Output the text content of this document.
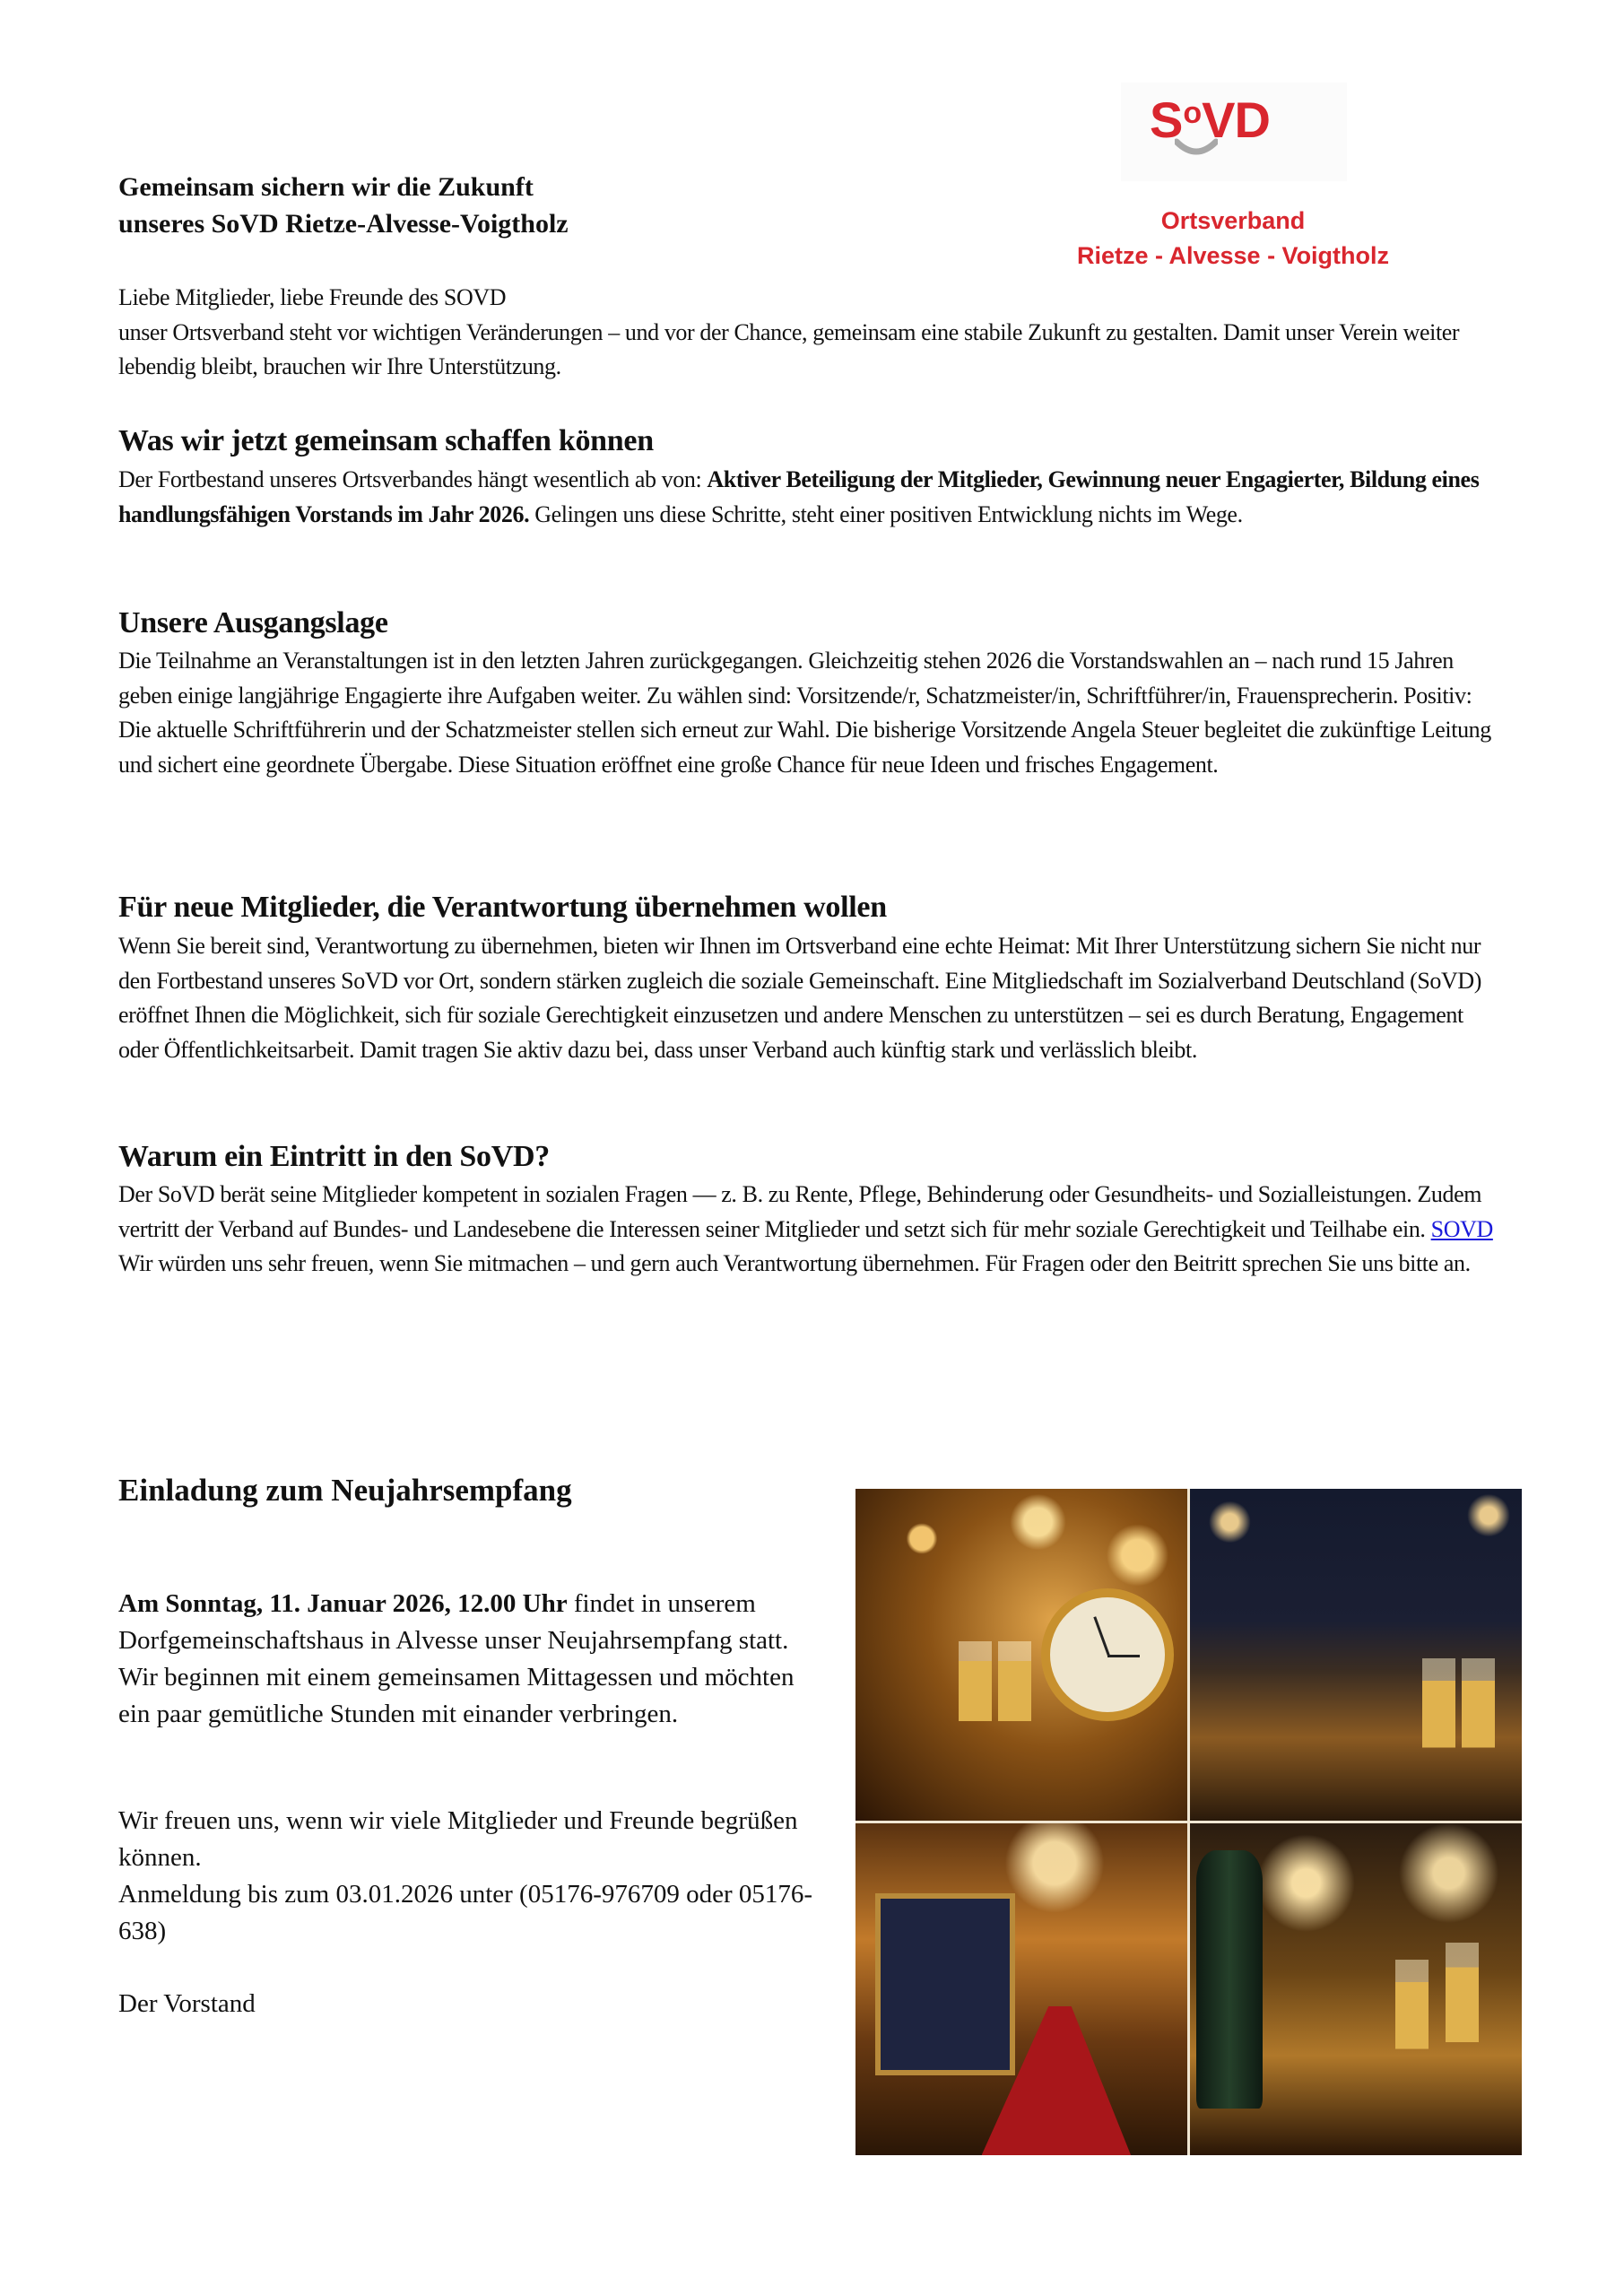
SoVD
Ortsverband
Rietze - Alvesse - Voigtholz
Gemeinsam sichern wir die Zukunft
unseres SoVD Rietze-Alvesse-Voigtholz
Liebe Mitglieder, liebe Freunde des SOVD
unser Ortsverband steht vor wichtigen Veränderungen – und vor der Chance, gemeinsam eine stabile Zukunft zu gestalten. Damit unser Verein weiter lebendig bleibt, brauchen wir Ihre Unterstützung.
Was wir jetzt gemeinsam schaffen können
Der Fortbestand unseres Ortsverbandes hängt wesentlich ab von: Aktiver Beteiligung der Mitglieder, Gewinnung neuer Engagierter, Bildung eines handlungsfähigen Vorstands im Jahr 2026. Gelingen uns diese Schritte, steht einer positiven Entwicklung nichts im Wege.
Unsere Ausgangslage
Die Teilnahme an Veranstaltungen ist in den letzten Jahren zurückgegangen. Gleichzeitig stehen 2026 die Vorstandswahlen an – nach rund 15 Jahren geben einige langjährige Engagierte ihre Aufgaben weiter. Zu wählen sind: Vorsitzende/r, Schatzmeister/in, Schriftführer/in, Frauensprecherin. Positiv: Die aktuelle Schriftführerin und der Schatzmeister stellen sich erneut zur Wahl. Die bisherige Vorsitzende Angela Steuer begleitet die zukünftige Leitung und sichert eine geordnete Übergabe. Diese Situation eröffnet eine große Chance für neue Ideen und frisches Engagement.
Für neue Mitglieder, die Verantwortung übernehmen wollen
Wenn Sie bereit sind, Verantwortung zu übernehmen, bieten wir Ihnen im Ortsverband eine echte Heimat: Mit Ihrer Unterstützung sichern Sie nicht nur den Fortbestand unseres SoVD vor Ort, sondern stärken zugleich die soziale Gemeinschaft. Eine Mitgliedschaft im Sozialverband Deutschland (SoVD) eröffnet Ihnen die Möglichkeit, sich für soziale Gerechtigkeit einzusetzen und andere Menschen zu unterstützen – sei es durch Beratung, Engagement oder Öffentlichkeitsarbeit. Damit tragen Sie aktiv dazu bei, dass unser Verband auch künftig stark und verlässlich bleibt.
Warum ein Eintritt in den SoVD?
Der SoVD berät seine Mitglieder kompetent in sozialen Fragen — z. B. zu Rente, Pflege, Behinderung oder Gesundheits- und Sozialleistungen. Zudem vertritt der Verband auf Bundes- und Landesebene die Interessen seiner Mitglieder und setzt sich für mehr soziale Gerechtigkeit und Teilhabe ein. SOVD
Wir würden uns sehr freuen, wenn Sie mitmachen – und gern auch Verantwortung übernehmen. Für Fragen oder den Beitritt sprechen Sie uns bitte an.
Einladung zum Neujahrsempfang
Am Sonntag, 11. Januar 2026, 12.00 Uhr findet in unserem Dorfgemeinschaftshaus in Alvesse unser Neujahrsempfang statt. Wir beginnen mit einem gemeinsamen Mittagessen und möchten ein paar gemütliche Stunden mit einander verbringen.
Wir freuen uns, wenn wir viele Mitglieder und Freunde begrüßen können.
Anmeldung bis zum 03.01.2026 unter (05176-976709 oder 05176-638)
Der Vorstand
